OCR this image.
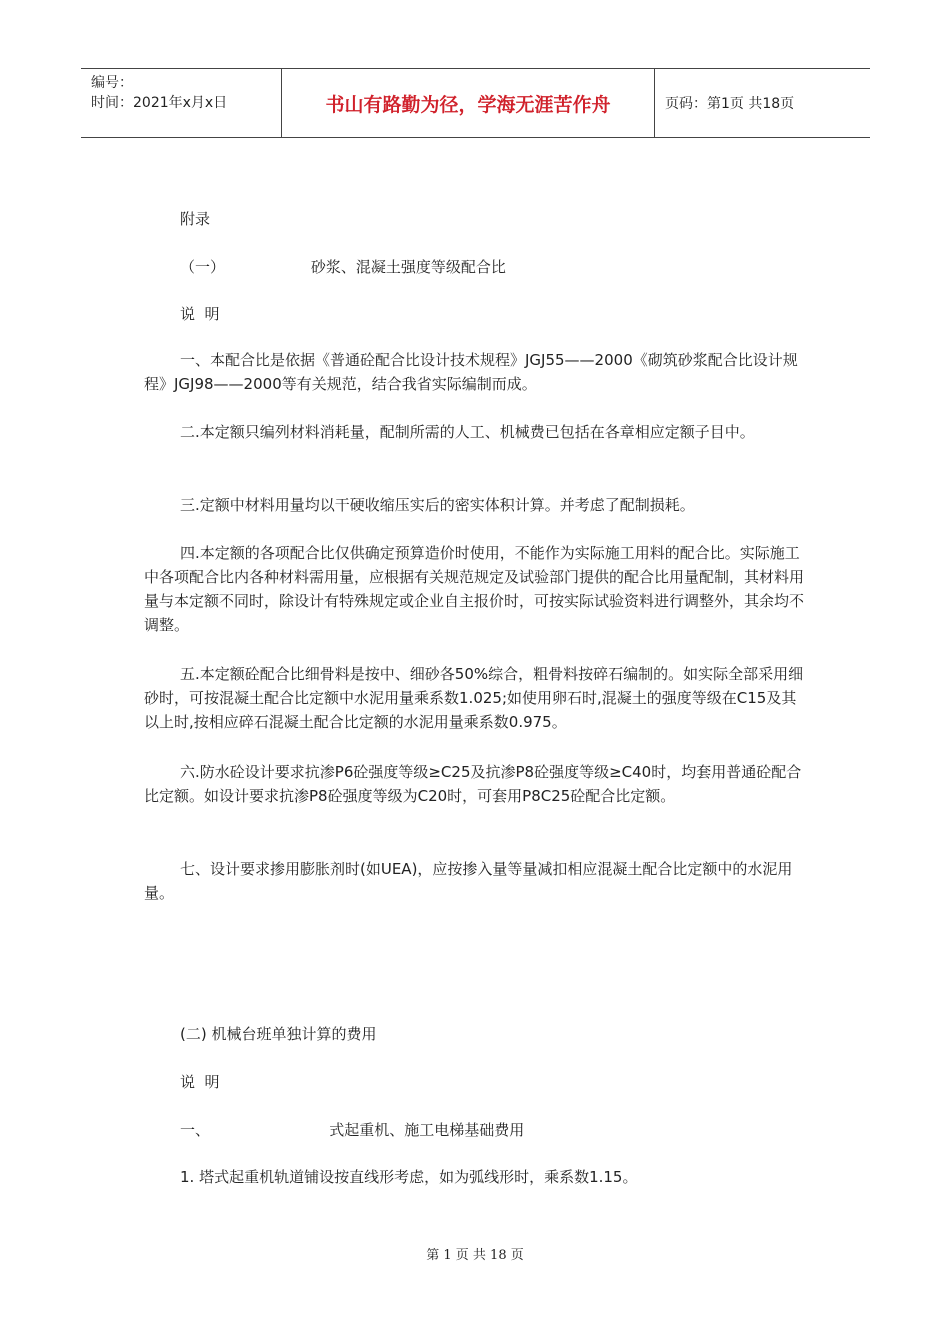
编号：
时间：2021年x月x日	书山有路勤为径，学海无涯苦作舟	页码：第1页 共18页

附录

（一）                  砂浆、混凝土强度等级配合比

说  明

一、本配合比是依据《普通砼配合比设计技术规程》JGJ55——2000《砌筑砂浆配合比设计规程》JGJ98——2000等有关规范，结合我省实际编制而成。

二.本定额只编列材料消耗量，配制所需的人工、机械费已包括在各章相应定额子目中。

三.定额中材料用量均以干硬收缩压实后的密实体积计算。并考虑了配制损耗。

四.本定额的各项配合比仅供确定预算造价时使用，不能作为实际施工用料的配合比。实际施工中各项配合比内各种材料需用量，应根据有关规范规定及试验部门提供的配合比用量配制，其材料用量与本定额不同时，除设计有特殊规定或企业自主报价时，可按实际试验资料进行调整外，其余均不调整。

五.本定额砼配合比细骨料是按中、细砂各50%综合，粗骨料按碎石编制的。如实际全部采用细砂时，可按混凝土配合比定额中水泥用量乘系数1.025;如使用卵石时,混凝土的强度等级在C15及其以上时,按相应碎石混凝土配合比定额的水泥用量乘系数0.975。

六.防水砼设计要求抗渗P6砼强度等级≥C25及抗渗P8砼强度等级≥C40时，均套用普通砼配合比定额。如设计要求抗渗P8砼强度等级为C20时，可套用P8C25砼配合比定额。

七、设计要求掺用膨胀剂时(如UEA)，应按掺入量等量减扣相应混凝土配合比定额中的水泥用量。

(二) 机械台班单独计算的费用

说  明

一、                         式起重机、施工电梯基础费用

1. 塔式起重机轨道铺设按直线形考虑，如为弧线形时，乘系数1.15。

第 1 页 共 18 页
